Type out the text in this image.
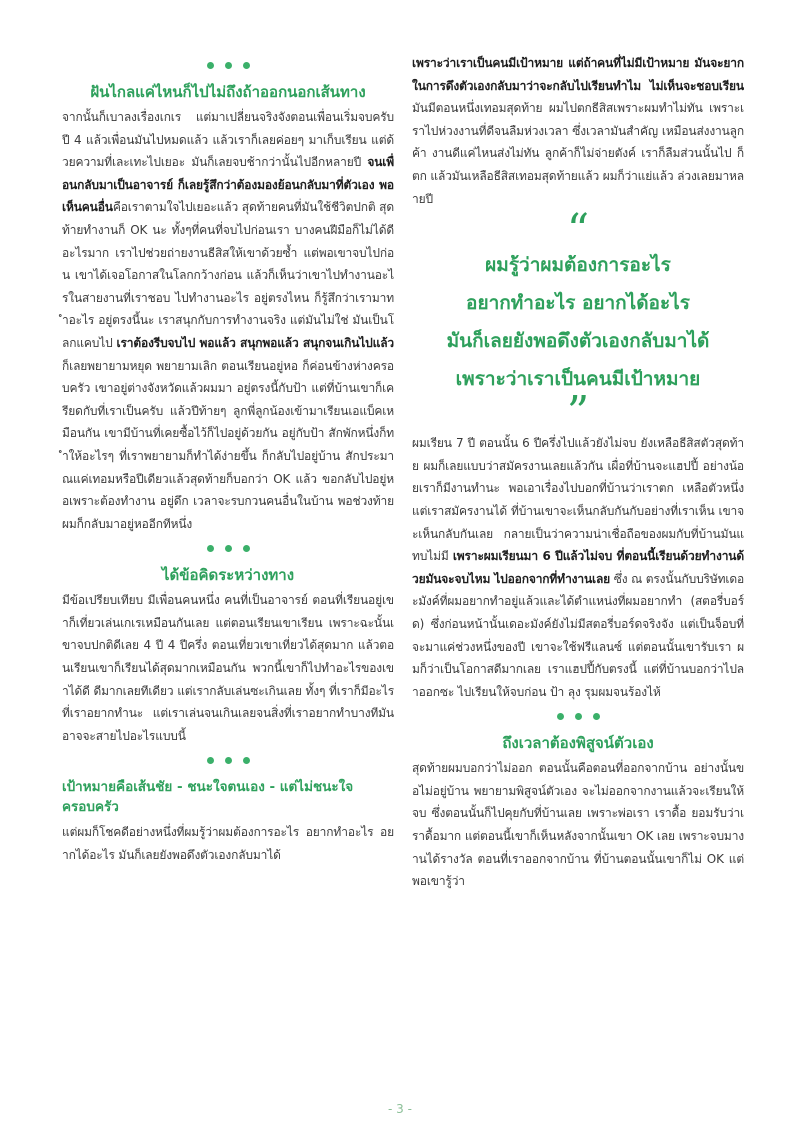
ฝันไกลแค่ไหนก็ไปไม่ถึงถ้าออกนอกเส้นทาง

จากนั้นก็เบาลงเรื่องเกเร แต่มาเปลี่ยนจริงจังตอนเพื่อนเริ่มจบครับ ปี 4 แล้วเพื่อนมันไปหมดแล้ว แล้วเราก็เลยค่อยๆ มาเก็บเรียน แต่ด้วยความที่เละเทะไปเยอะ มันก็เลยจบช้ากว่านั้นไปอีกหลายปี จนเพื่อนกลับมาเป็นอาจารย์ ก็เลยรู้สึกว่าต้องมองย้อนกลับมาที่ตัวเอง พอเห็นคนอื่นคือเราตามใจไปเยอะแล้ว สุดท้ายคนที่มันใช้ชีวิตปกติ สุดท้ายทำงานก็ OK นะ ทั้งๆที่คนที่จบไปก่อนเรา บางคนฝีมือก็ไม่ได้ดีอะไรมาก เราไปช่วยถ่ายงานธีสิสให้เขาด้วยซ้ำ แต่พอเขาจบไปก่อน เขาได้เจอโอกาสในโลกกว้างก่อน แล้วก็เห็นว่าเขาไปทำงานอะไรในสายงานที่เราชอบ ไปทำงานอะไร อยู่ตรงไหน ก็รู้สึกว่าเรามาทำอะไร อยู่ตรงนี้นะ เราสนุกกับการทำงานจริง แต่มันไม่ใช่ มันเป็นโลกแคบไป เราต้องรีบจบไป พอแล้ว สนุกพอแล้ว สนุกจนเกินไปแล้วก็เลยพยายามหยุด พยายามเลิก ตอนเรียนอยู่หอ ก็ค่อนข้างห่างครอบครัว เขาอยู่ต่างจังหวัดแล้วผมมา อยู่ตรงนี้กับป้า แต่ที่บ้านเขาก็เครียดกับที่เราเป็นครับ แล้วปีท้ายๆ ลูกพี่ลูกน้องเข้ามาเรียนเอแบ็คเหมือนกัน เขามีบ้านที่เคยซื้อไว้ก็ไปอยู่ด้วยกัน อยู่กับป้า สักพักหนึ่งก็ทำให้อะไรๆ ที่เราพยายามก็ทำได้ง่ายขึ้น ก็กลับไปอยู่บ้าน สักประมาณแค่เทอมหรือปีเดียวแล้วสุดท้ายก็บอกว่า OK แล้ว ขอกลับไปอยู่หอเพราะต้องทำงาน อยู่ดึก เวลาจะรบกวนคนอื่นในบ้าน พอช่วงท้ายผมก็กลับมาอยู่หออีกทีหนึ่ง

ได้ข้อคิดระหว่างทาง

มีข้อเปรียบเทียบ มีเพื่อนคนหนึ่ง คนที่เป็นอาจารย์ ตอนที่เรียนอยู่เขาก็เที่ยวเล่นเกเรเหมือนกันเลย แต่ตอนเรียนเขาเรียน เพราะฉะนั้นเขาจบปกติดีเลย 4 ปี 4 ปีครึ่ง ตอนเที่ยวเขาเที่ยวได้สุดมาก แล้วตอนเรียนเขาก็เรียนได้สุดมากเหมือนกัน พวกนี้เขาก็ไปทำอะไรของเขาได้ดี ดีมากเลยทีเดียว แต่เรากลับเล่นซะเกินเลย ทั้งๆ ที่เราก็มีอะไรที่เราอยากทำนะ แต่เราเล่นจนเกินเลยจนสิ่งที่เราอยากทำบางทีมันอาจจะสายไปอะไรแบบนี้

เป้าหมายคือเส้นชัย - ชนะใจตนเอง - แต่ไม่ชนะใจครอบครัว

แต่ผมก็โชคดีอย่างหนึ่งที่ผมรู้ว่าผมต้องการอะไร อยากทำอะไร อยากได้อะไร มันก็เลยยังพอดึงตัวเองกลับมาได้

เพราะว่าเราเป็นคนมีเป้าหมาย แต่ถ้าคนที่ไม่มีเป้าหมาย มันจะยากในการดึงตัวเองกลับมาว่าจะกลับไปเรียนทำไม ไม่เห็นจะชอบเรียน มันมีตอนหนึ่งเทอมสุดท้าย ผมไปตกธีสิสเพราะผมทำไม่ทัน เพราะเราไปห่วงงานที่ดีจนลืมห่วงเวลา ซึ่งเวลามันสำคัญ เหมือนส่งงานลูกค้า งานดีแค่ไหนส่งไม่ทัน ลูกค้าก็ไม่จ่ายตังค์ เราก็ลืมส่วนนั้นไป ก็ตก แล้วมันเหลือธีสิสเทอมสุดท้ายแล้ว ผมก็ว่าแย่แล้ว ล่วงเลยมาหลายปี

“
ผมรู้ว่าผมต้องการอะไร
อยากทำอะไร อยากได้อะไร
มันก็เลยยังพอดึงตัวเองกลับมาได้
เพราะว่าเราเป็นคนมีเป้าหมาย
”

ผมเรียน 7 ปี ตอนนั้น 6 ปีครึ่งไปแล้วยังไม่จบ ยังเหลือธีสิสตัวสุดท้าย ผมก็เลยแบบว่าสมัครงานเลยแล้วกัน เผื่อที่บ้านจะแฮปปี้ อย่างน้อยเราก็มีงานทำนะ พอเอาเรื่องไปบอกที่บ้านว่าเราตก เหลือตัวหนึ่ง แต่เราสมัครงานได้ ที่บ้านเขาจะเห็นกลับกันกับอย่างที่เราเห็น เขาจะเห็นกลับกันเลย กลายเป็นว่าความน่าเชื่อถือของผมกับที่บ้านมันแทบไม่มี เพราะผมเรียนมา 6 ปีแล้วไม่จบ ที่ตอนนี้เรียนด้วยทำงานด้วยมันจะจบไหม ไปออกจากที่ทำงานเลย ซึ่ง ณ ตรงนั้นกับบริษัทเดอะมังค์ที่ผมอยากทำอยู่แล้วและได้ตำแหน่งที่ผมอยากทำ (สตอรี่บอร์ด) ซึ่งก่อนหน้านั้นเดอะมังค์ยังไม่มีสตอรี่บอร์ดจริงจัง แต่เป็นจ็อบที่จะมาแค่ช่วงหนึ่งของปี เขาจะใช้ฟรีแลนซ์ แต่ตอนนั้นเขารับเรา ผมก็ว่าเป็นโอกาสดีมากเลย เราแฮปปี้กับตรงนี้ แต่ที่บ้านบอกว่าไปลาออกซะ ไปเรียนให้จบก่อน ป้า ลุง รุมผมจนร้องไห้

ถึงเวลาต้องพิสูจน์ตัวเอง

สุดท้ายผมบอกว่าไม่ออก ตอนนั้นคือตอนที่ออกจากบ้าน อย่างนั้นขอไม่อยู่บ้าน พยายามพิสูจน์ตัวเอง จะไม่ออกจากงานแล้วจะเรียนให้จบ ซึ่งตอนนั้นก็ไปคุยกับที่บ้านเลย เพราะพ่อเรา เราดื้อ ยอมรับว่าเราดื้อมาก แต่ตอนนี้เขาก็เห็นหลังจากนั้นเขา OK เลย เพราะจบมางานได้รางวัล ตอนที่เราออกจากบ้าน ที่บ้านตอนนั้นเขาก็ไม่ OK แต่พอเขารู้ว่า

- 3 -
